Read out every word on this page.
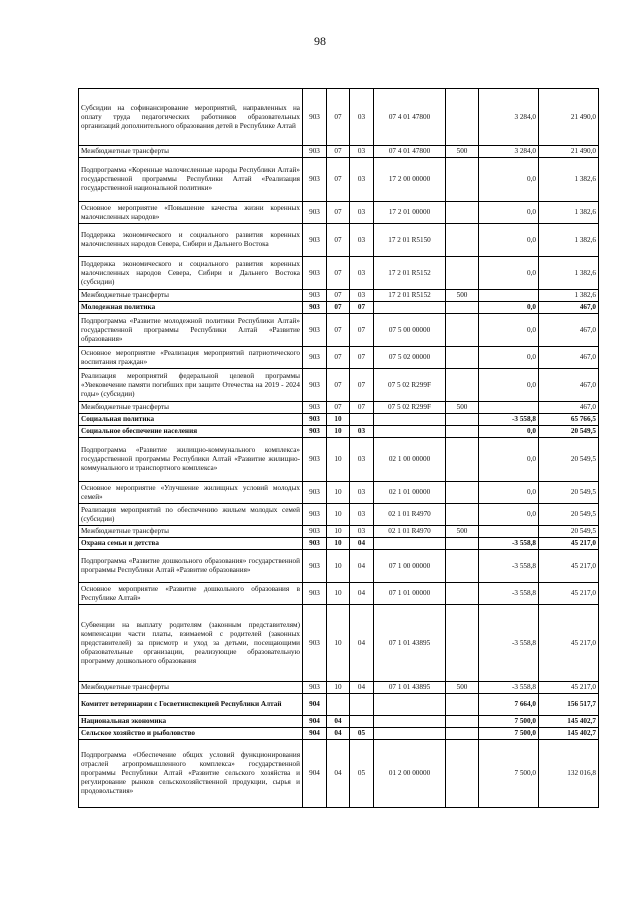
98
Субсидии на софинансирование мероприятий, направленных на оплату труда педагогических работников образовательных организаций дополнительного образования детей в Республике Алтай	903	07	03	07 4 01 47800		3 284,0	21 490,0
Межбюджетные трансферты	903	07	03	07 4 01 47800	500	3 284,0	21 490,0
Подпрограмма «Коренные малочисленные народы Республики Алтай» государственной программы Республики Алтай «Реализация государственной национальной политики»	903	07	03	17 2 00 00000		0,0	1 382,6
Основное мероприятие «Повышение качества жизни коренных малочисленных народов»	903	07	03	17 2 01 00000		0,0	1 382,6
Поддержка экономического и социального развития коренных малочисленных народов Севера, Сибири и Дальнего Востока	903	07	03	17 2 01 R5150		0,0	1 382,6
Поддержка экономического и социального развития коренных малочисленных народов Севера, Сибири и Дальнего Востока (субсидии)	903	07	03	17 2 01 R5152		0,0	1 382,6
Межбюджетные трансферты	903	07	03	17 2 01 R5152	500		1 382,6
Молодежная политика	903	07	07			0,0	467,0
Подпрограмма «Развитие молодежной политики Республики Алтай» государственной программы Республики Алтай «Развитие образования»	903	07	07	07 5 00 00000		0,0	467,0
Основное мероприятие «Реализация мероприятий патриотического воспитания граждан»	903	07	07	07 5 02 00000		0,0	467,0
Реализация мероприятий федеральной целевой программы «Увековечение памяти погибших при защите Отечества на 2019 - 2024 годы» (субсидии)	903	07	07	07 5 02 R299F		0,0	467,0
Межбюджетные трансферты	903	07	07	07 5 02 R299F	500		467,0
Социальная политика	903	10				-3 558,8	65 766,5
Социальное обеспечение населения	903	10	03			0,0	20 549,5
Подпрограмма «Развитие жилищно-коммунального комплекса» государственной программы Республики Алтай «Развитие жилищно-коммунального и транспортного комплекса»	903	10	03	02 1 00 00000		0,0	20 549,5
Основное мероприятие «Улучшение жилищных условий молодых семей»	903	10	03	02 1 01 00000		0,0	20 549,5
Реализация мероприятий по обеспечению жильем молодых семей (субсидии)	903	10	03	02 1 01 R4970		0,0	20 549,5
Межбюджетные трансферты	903	10	03	02 1 01 R4970	500		20 549,5
Охрана семьи и детства	903	10	04			-3 558,8	45 217,0
Подпрограмма «Развитие дошкольного образования» государственной программы Республики Алтай «Развитие образования»	903	10	04	07 1 00 00000		-3 558,8	45 217,0
Основное мероприятие «Развитие дошкольного образования в Республике Алтай»	903	10	04	07 1 01 00000		-3 558,8	45 217,0
Субвенции на выплату родителям (законным представителям) компенсации части платы, взимаемой с родителей (законных представителей) за присмотр и уход за детьми, посещающими образовательные организации, реализующие образовательную программу дошкольного образования	903	10	04	07 1 01 43895		-3 558,8	45 217,0
Межбюджетные трансферты	903	10	04	07 1 01 43895	500	-3 558,8	45 217,0
Комитет ветеринарии с Госветинспекцией Республики Алтай	904					7 664,0	156 517,7
Национальная экономика	904	04				7 500,0	145 402,7
Сельское хозяйство и рыболовство	904	04	05			7 500,0	145 402,7
Подпрограмма «Обеспечение общих условий функционирования отраслей агропромышленного комплекса» государственной программы Республики Алтай «Развитие сельского хозяйства и регулирование рынков сельскохозяйственной продукции, сырья и продовольствия»	904	04	05	01 2 00 00000		7 500,0	132 016,8
